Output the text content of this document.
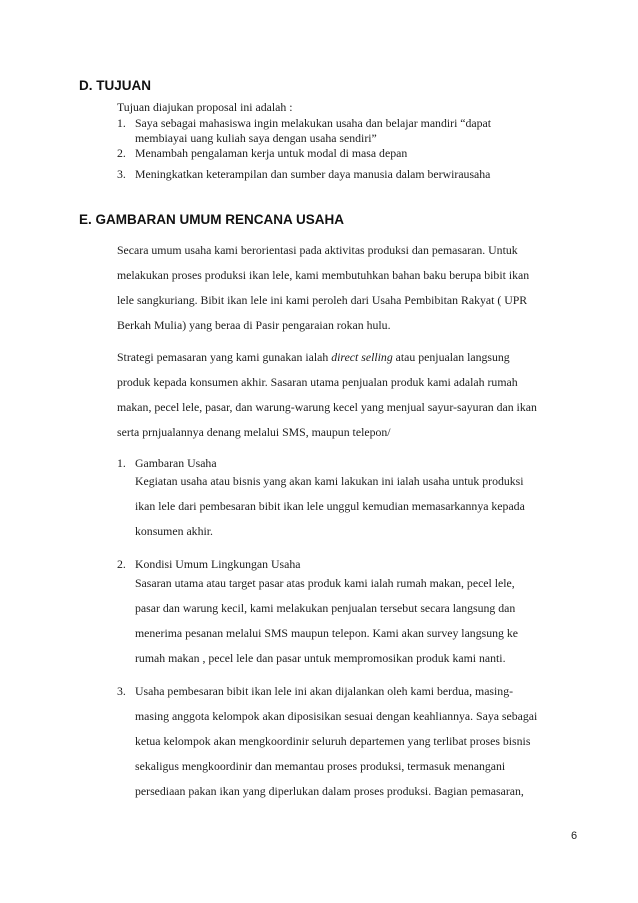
D. TUJUAN
Tujuan diajukan proposal ini adalah :
1. Saya sebagai mahasiswa ingin melakukan usaha dan belajar mandiri “dapat
membiayai uang kuliah saya dengan usaha sendiri”
2. Menambah pengalaman kerja untuk modal di masa depan
3. Meningkatkan keterampilan dan sumber daya manusia dalam berwirausaha
E. GAMBARAN UMUM RENCANA USAHA
Secara umum usaha kami berorientasi pada aktivitas produksi dan pemasaran. Untuk
melakukan proses produksi ikan lele, kami membutuhkan bahan baku berupa bibit ikan
lele sangkuriang. Bibit ikan lele ini kami peroleh dari Usaha Pembibitan Rakyat ( UPR
Berkah Mulia) yang beraa di Pasir pengaraian rokan hulu.
Strategi pemasaran yang kami gunakan ialah direct selling atau penjualan langsung
produk kepada konsumen akhir. Sasaran utama penjualan produk kami adalah rumah
makan, pecel lele, pasar, dan warung-warung kecel yang menjual sayur-sayuran dan ikan
serta prnjualannya denang melalui SMS, maupun telepon/
1. Gambaran Usaha
Kegiatan usaha atau bisnis yang akan kami lakukan ini ialah usaha untuk produksi
ikan lele dari pembesaran bibit ikan lele unggul kemudian memasarkannya kepada
konsumen akhir.
2. Kondisi Umum Lingkungan Usaha
Sasaran utama atau target pasar atas produk kami ialah rumah makan, pecel lele,
pasar dan warung kecil, kami melakukan penjualan tersebut secara langsung dan
menerima pesanan melalui SMS maupun telepon. Kami akan survey langsung ke
rumah makan , pecel lele dan pasar untuk mempromosikan produk kami nanti.
3. Usaha pembesaran bibit ikan lele ini akan dijalankan oleh kami berdua, masing-
masing anggota kelompok akan diposisikan sesuai dengan keahliannya. Saya sebagai
ketua kelompok akan mengkoordinir seluruh departemen yang terlibat proses bisnis
sekaligus mengkoordinir dan memantau proses produksi, termasuk menangani
persediaan pakan ikan yang diperlukan dalam proses produksi. Bagian pemasaran,
6
